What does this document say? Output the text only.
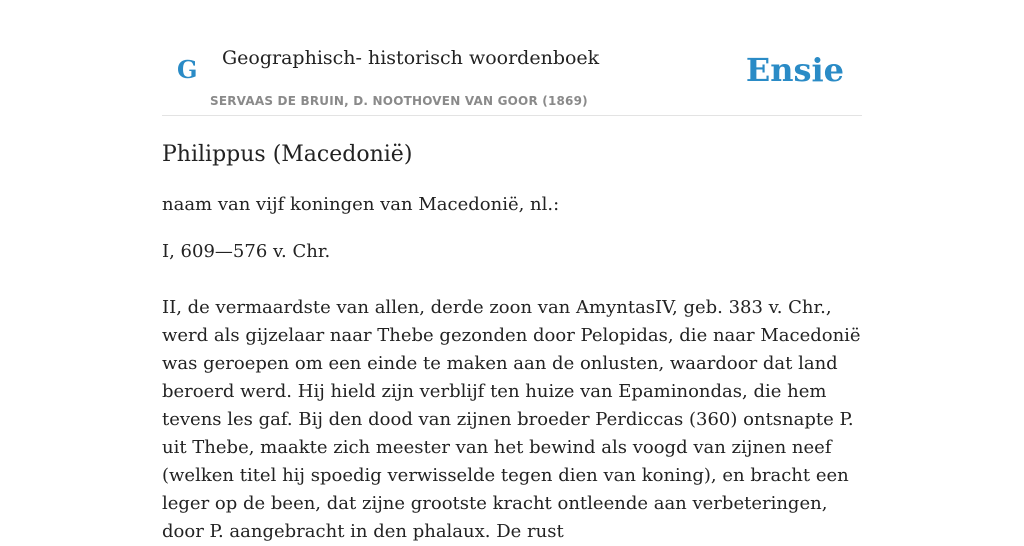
G Geographisch- historisch woordenboek
SERVAAS DE BRUIN, D. NOOTHOVEN VAN GOOR (1869)
Ensie
Philippus (Macedonië)

naam van vijf koningen van Macedonië, nl.:

I, 609—576 v. Chr.

II, de vermaardste van allen, derde zoon van AmyntasIV, geb. 383 v. Chr., werd als gijzelaar naar Thebe gezonden door Pelopidas, die naar Macedonië was geroepen om een einde te maken aan de onlusten, waardoor dat land beroerd werd. Hij hield zijn verblijf ten huize van Epaminondas, die hem tevens les gaf. Bij den dood van zijnen broeder Perdiccas (360) ontsnapte P. uit Thebe, maakte zich meester van het bewind als voogd van zijnen neef (welken titel hij spoedig verwisselde tegen dien van koning), en bracht een leger op de been, dat zijne grootste kracht ontleende aan verbeteringen, door P. aangebracht in den phalaux. De rust
